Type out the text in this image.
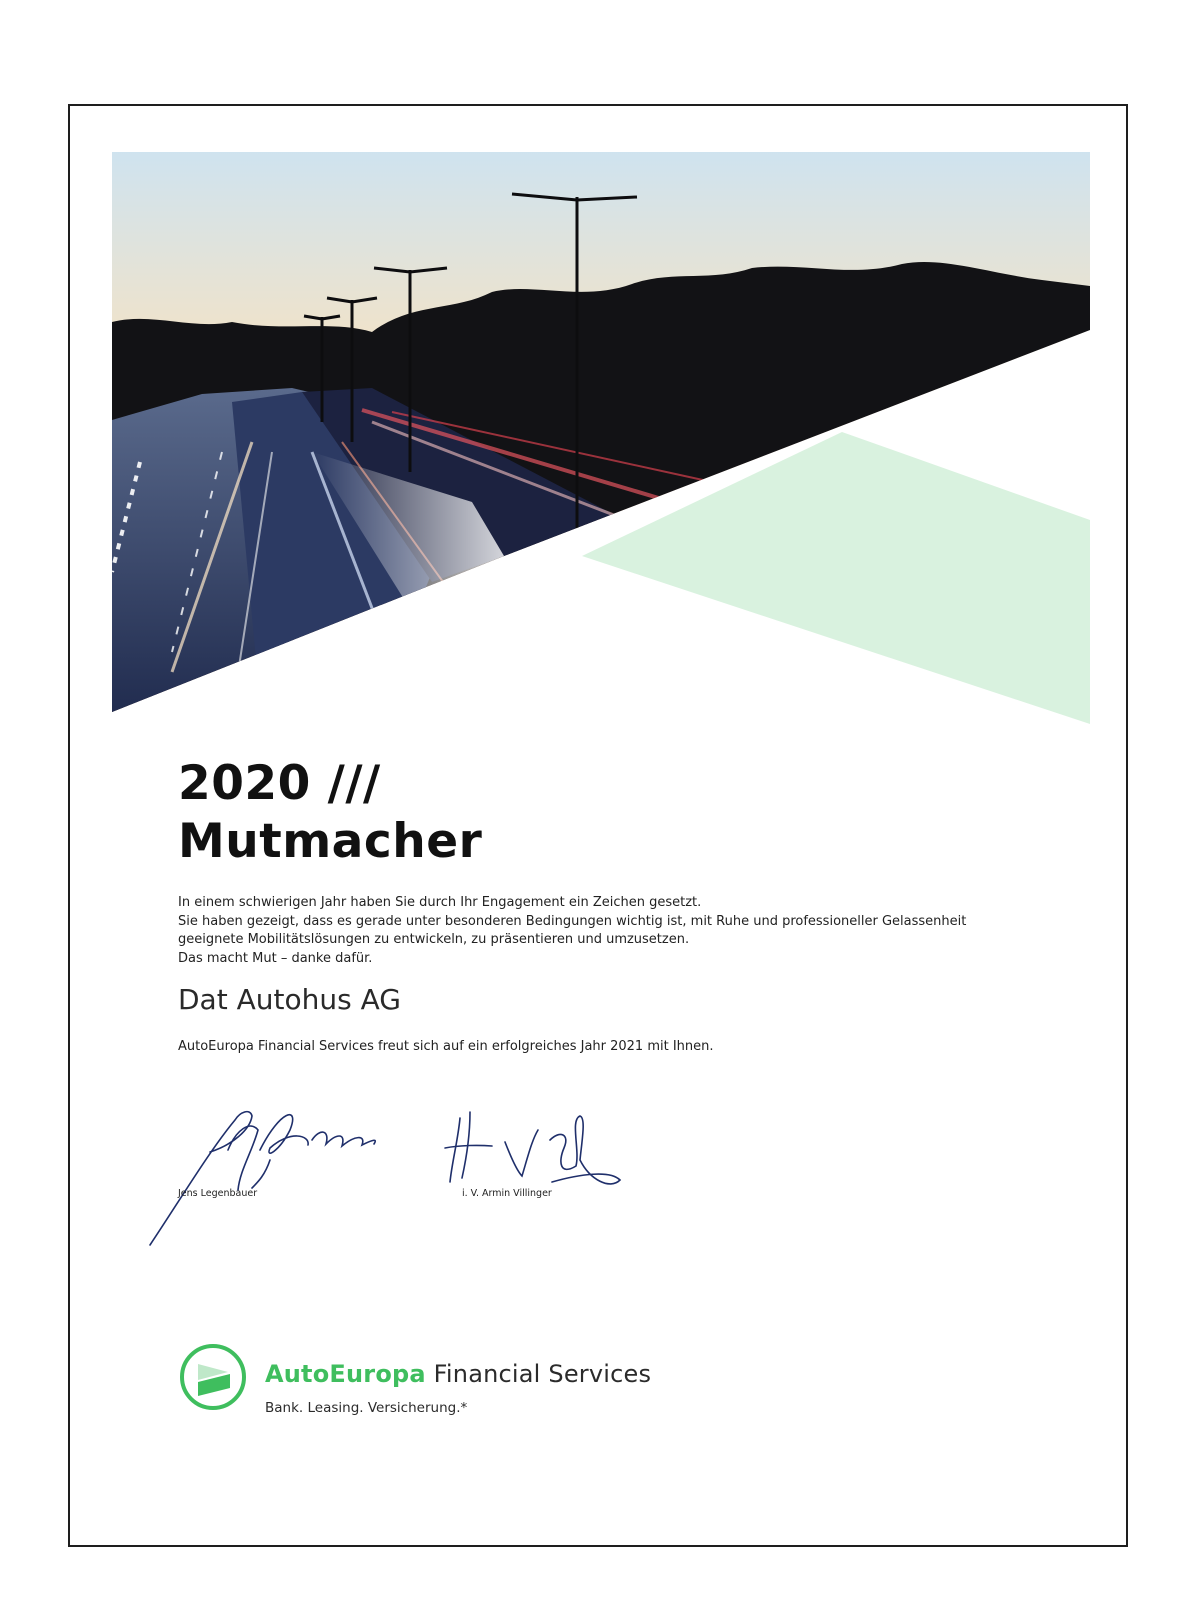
2020 ///
Mutmacher
In einem schwierigen Jahr haben Sie durch Ihr Engagement ein Zeichen gesetzt.
Sie haben gezeigt, dass es gerade unter besonderen Bedingungen wichtig ist, mit Ruhe und professioneller Gelassenheit
geeignete Mobilitätslösungen zu entwickeln, zu präsentieren und umzusetzen.
Das macht Mut – danke dafür.
Dat Autohus AG
AutoEuropa Financial Services freut sich auf ein erfolgreiches Jahr 2021 mit Ihnen.
Jens Legenbauer	i. V. Armin Villinger
AutoEuropa Financial Services
Bank. Leasing. Versicherung.*
